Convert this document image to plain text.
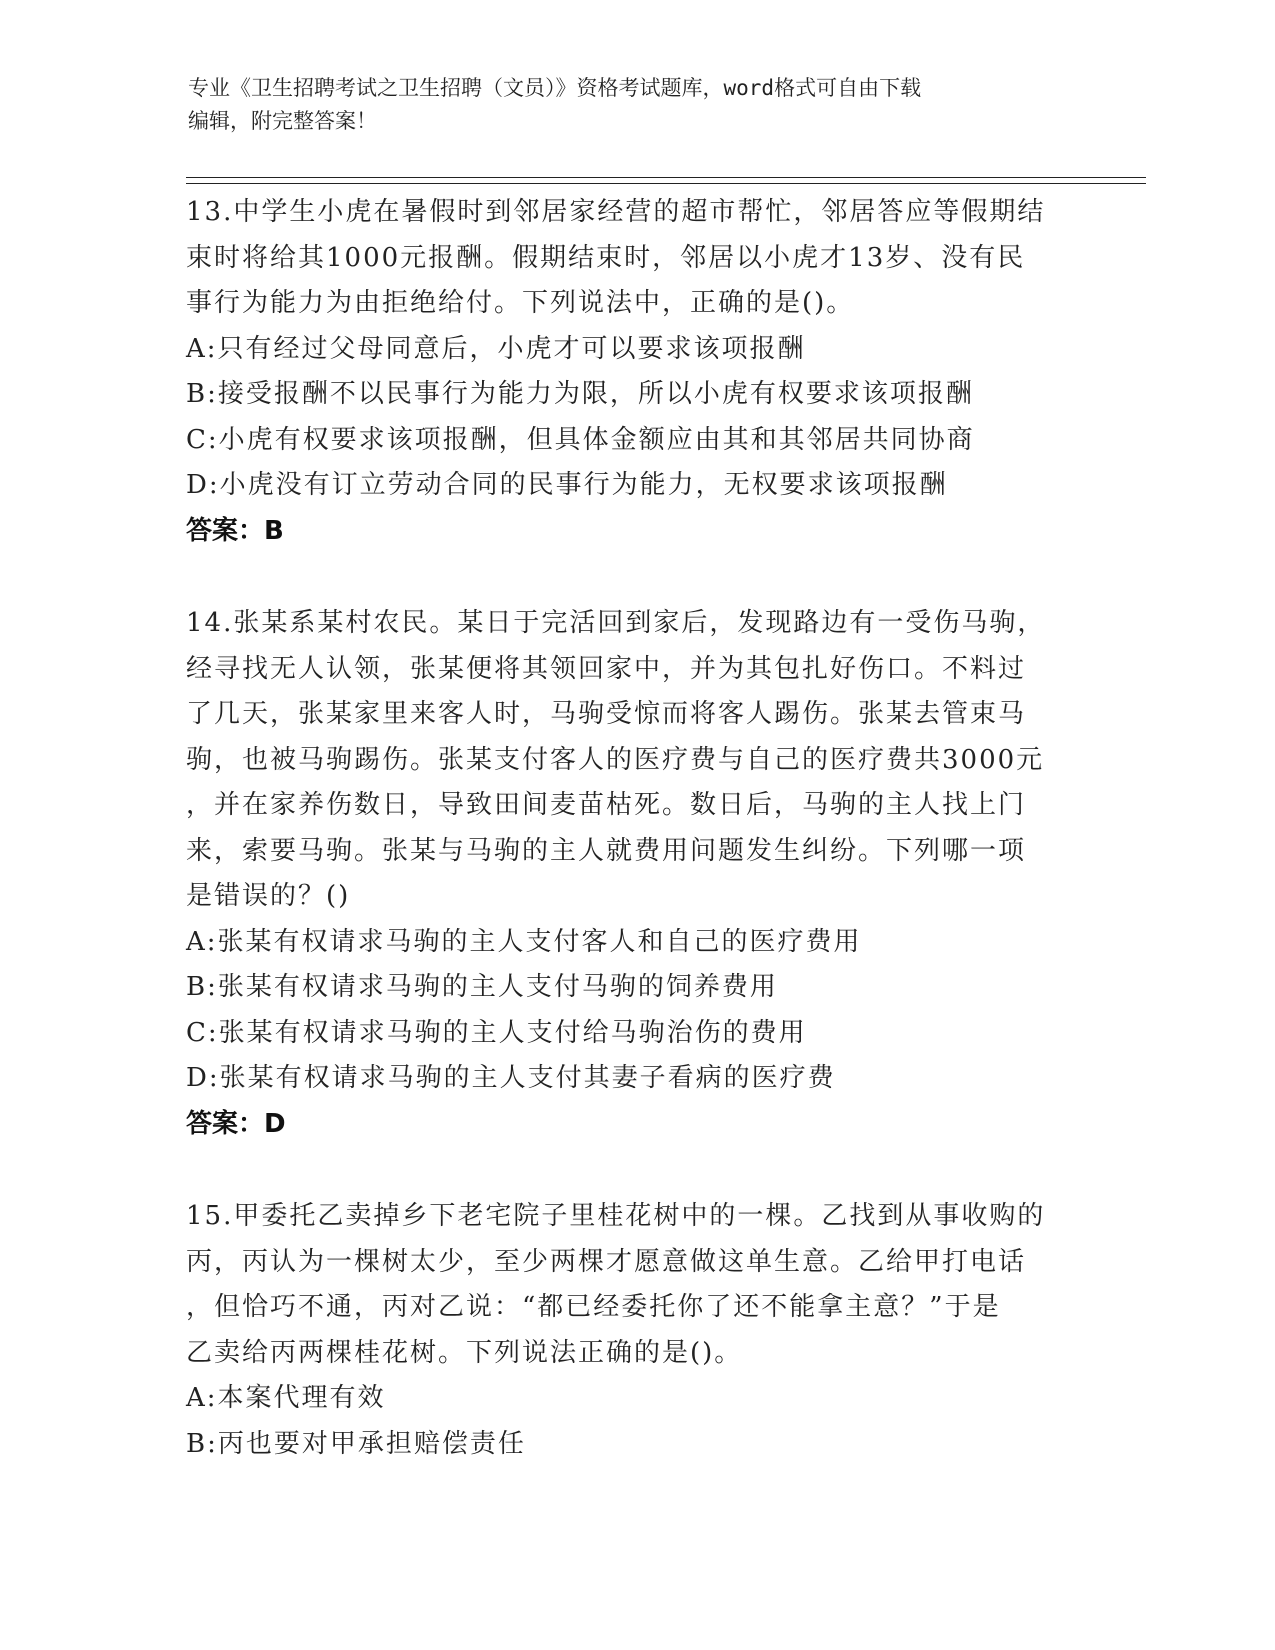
专业《卫生招聘考试之卫生招聘（文员）》资格考试题库，word格式可自由下载
编辑，附完整答案！
13.中学生小虎在暑假时到邻居家经营的超市帮忙，邻居答应等假期结
束时将给其1000元报酬。假期结束时，邻居以小虎才13岁、没有民
事行为能力为由拒绝给付。下列说法中，正确的是()。
A:只有经过父母同意后，小虎才可以要求该项报酬
B:接受报酬不以民事行为能力为限，所以小虎有权要求该项报酬
C:小虎有权要求该项报酬，但具体金额应由其和其邻居共同协商
D:小虎没有订立劳动合同的民事行为能力，无权要求该项报酬
答案：B
14.张某系某村农民。某日于完活回到家后，发现路边有一受伤马驹，
经寻找无人认领，张某便将其领回家中，并为其包扎好伤口。不料过
了几天，张某家里来客人时，马驹受惊而将客人踢伤。张某去管束马
驹，也被马驹踢伤。张某支付客人的医疗费与自己的医疗费共3000元
，并在家养伤数日，导致田间麦苗枯死。数日后，马驹的主人找上门
来，索要马驹。张某与马驹的主人就费用问题发生纠纷。下列哪一项
是错误的？()
A:张某有权请求马驹的主人支付客人和自己的医疗费用
B:张某有权请求马驹的主人支付马驹的饲养费用
C:张某有权请求马驹的主人支付给马驹治伤的费用
D:张某有权请求马驹的主人支付其妻子看病的医疗费
答案：D
15.甲委托乙卖掉乡下老宅院子里桂花树中的一棵。乙找到从事收购的
丙，丙认为一棵树太少，至少两棵才愿意做这单生意。乙给甲打电话
，但恰巧不通，丙对乙说：“都已经委托你了还不能拿主意？”于是
乙卖给丙两棵桂花树。下列说法正确的是()。
A:本案代理有效
B:丙也要对甲承担赔偿责任
